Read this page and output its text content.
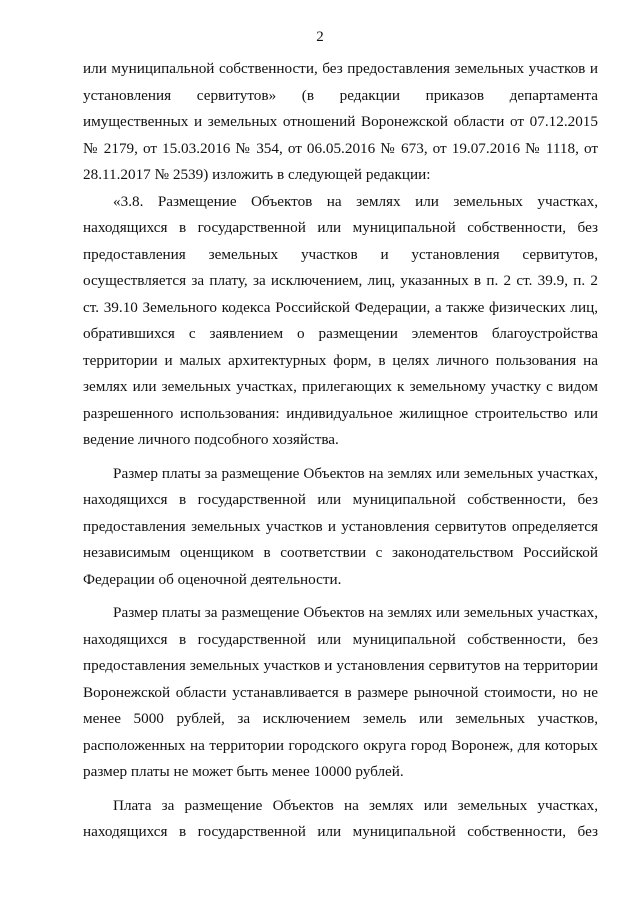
2

или муниципальной собственности, без предоставления земельных участков и установления сервитутов» (в редакции приказов департамента имущественных и земельных отношений Воронежской области от 07.12.2015 № 2179, от 15.03.2016 № 354, от 06.05.2016 № 673, от 19.07.2016 № 1118, от 28.11.2017 № 2539) изложить в следующей редакции:

«3.8. Размещение Объектов на землях или земельных участках, находящихся в государственной или муниципальной собственности, без предоставления земельных участков и установления сервитутов, осуществляется за плату, за исключением, лиц, указанных в п. 2 ст. 39.9, п. 2 ст. 39.10 Земельного кодекса Российской Федерации, а также физических лиц, обратившихся с заявлением о размещении элементов благоустройства территории и малых архитектурных форм, в целях личного пользования на землях или земельных участках, прилегающих к земельному участку с видом разрешенного использования: индивидуальное жилищное строительство или ведение личного подсобного хозяйства.

Размер платы за размещение Объектов на землях или земельных участках, находящихся в государственной или муниципальной собственности, без предоставления земельных участков и установления сервитутов определяется независимым оценщиком в соответствии с законодательством Российской Федерации об оценочной деятельности.

Размер платы за размещение Объектов на землях или земельных участках, находящихся в государственной или муниципальной собственности, без предоставления земельных участков и установления сервитутов на территории Воронежской области устанавливается в размере рыночной стоимости, но не менее 5000 рублей, за исключением земель или земельных участков, расположенных на территории городского округа город Воронеж, для которых размер платы не может быть менее 10000 рублей.

Плата за размещение Объектов на землях или земельных участках, находящихся в государственной или муниципальной собственности, без
